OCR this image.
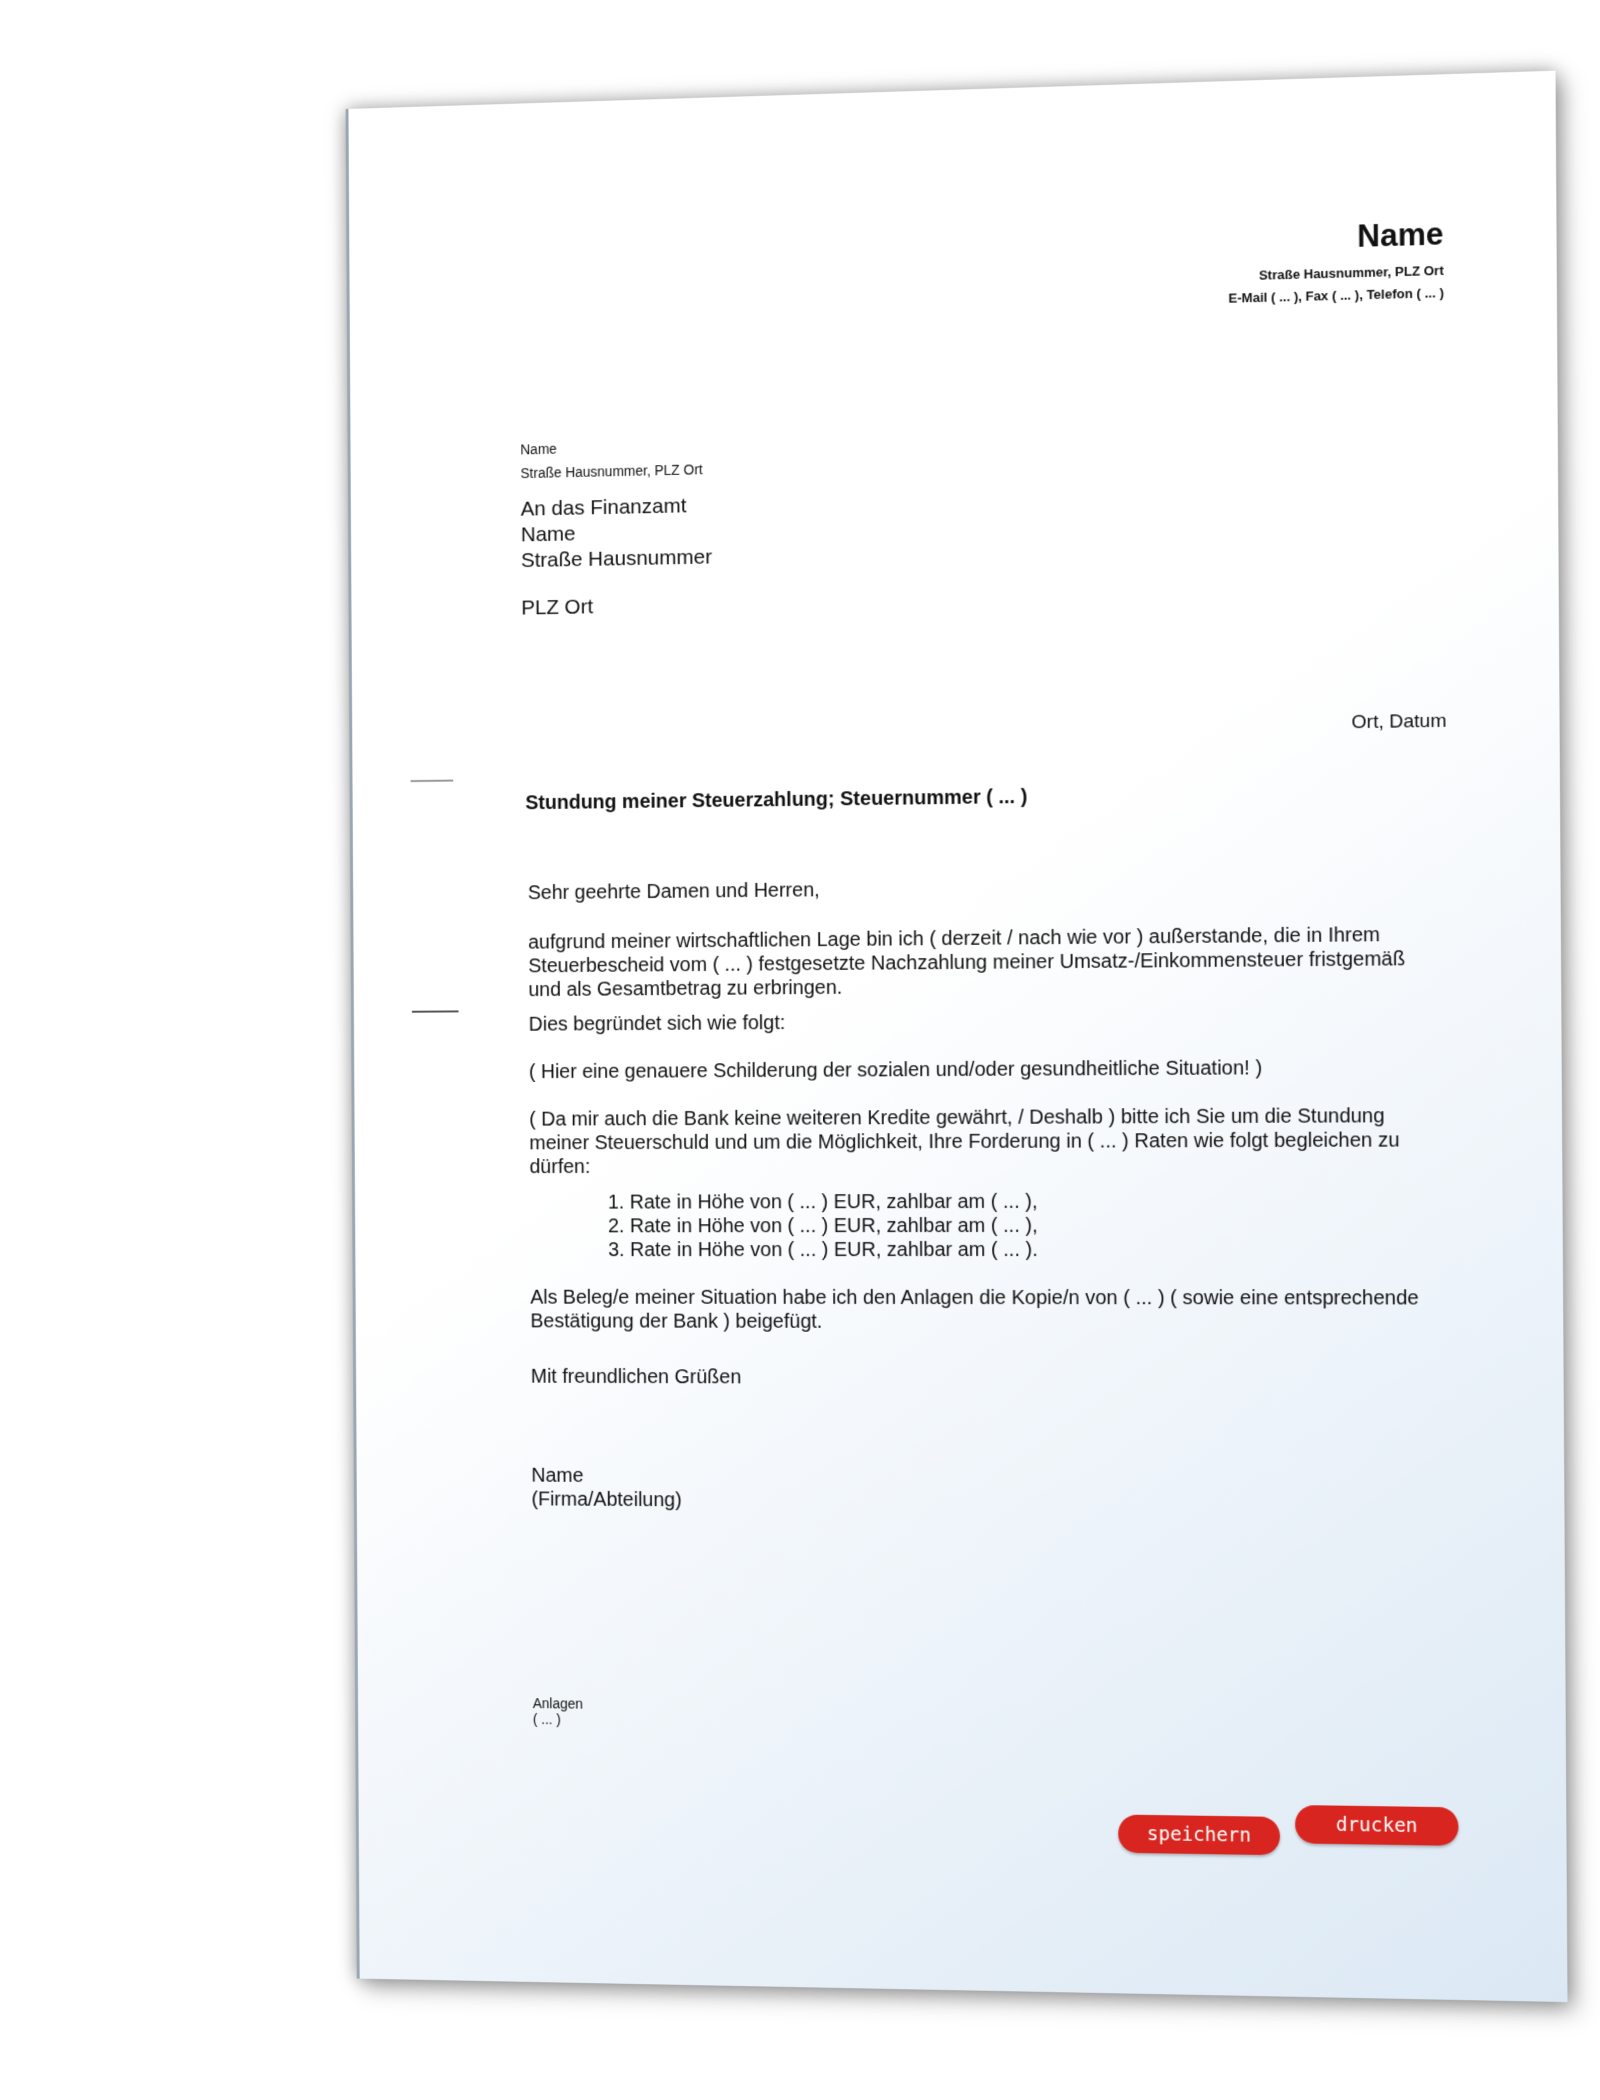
Name
Straße Hausnummer, PLZ Ort
E-Mail ( ... ), Fax ( ... ), Telefon ( ... )
Name
Straße Hausnummer, PLZ Ort
An das Finanzamt
Name
Straße Hausnummer
PLZ Ort
Ort, Datum
Stundung meiner Steuerzahlung; Steuernummer ( ... )
Sehr geehrte Damen und Herren,
aufgrund meiner wirtschaftlichen Lage bin ich ( derzeit / nach wie vor ) außerstande, die in Ihrem Steuerbescheid vom ( ... ) festgesetzte Nachzahlung meiner Umsatz-/Einkommensteuer fristgemäß und als Gesamtbetrag zu erbringen.
Dies begründet sich wie folgt:
( Hier eine genauere Schilderung der sozialen und/oder gesundheitliche Situation! )
( Da mir auch die Bank keine weiteren Kredite gewährt, / Deshalb ) bitte ich Sie um die Stundung meiner Steuerschuld und um die Möglichkeit, Ihre Forderung in ( ... ) Raten wie folgt begleichen zu dürfen:
1. Rate in Höhe von ( ... ) EUR, zahlbar am ( ... ),
2. Rate in Höhe von ( ... ) EUR, zahlbar am ( ... ),
3. Rate in Höhe von ( ... ) EUR, zahlbar am ( ... ).
Als Beleg/e meiner Situation habe ich den Anlagen die Kopie/n von ( ... ) ( sowie eine entsprechende Bestätigung der Bank ) beigefügt.
Mit freundlichen Grüßen
Name
(Firma/Abteilung)
Anlagen
( ... )
speichern	drucken
